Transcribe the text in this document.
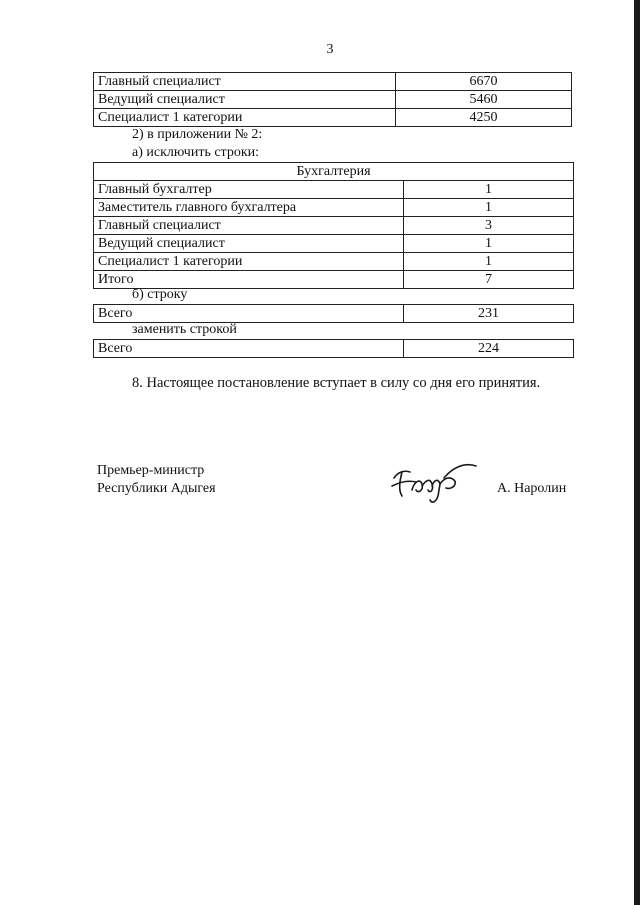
3
Главный специалист	6670
Ведущий специалист	5460
Специалист 1 категории	4250
2) в приложении № 2:
а) исключить строки:
Бухгалтерия	
Главный бухгалтер	1
Заместитель главного бухгалтера	1
Главный специалист	3
Ведущий специалист	1
Специалист 1 категории	1
Итого	7
б) строку
Всего	231
заменить строкой
Всего	224
8. Настоящее постановление вступает в силу со дня его принятия.
Премьер-министр
Республики Адыгея	А. Наролин
